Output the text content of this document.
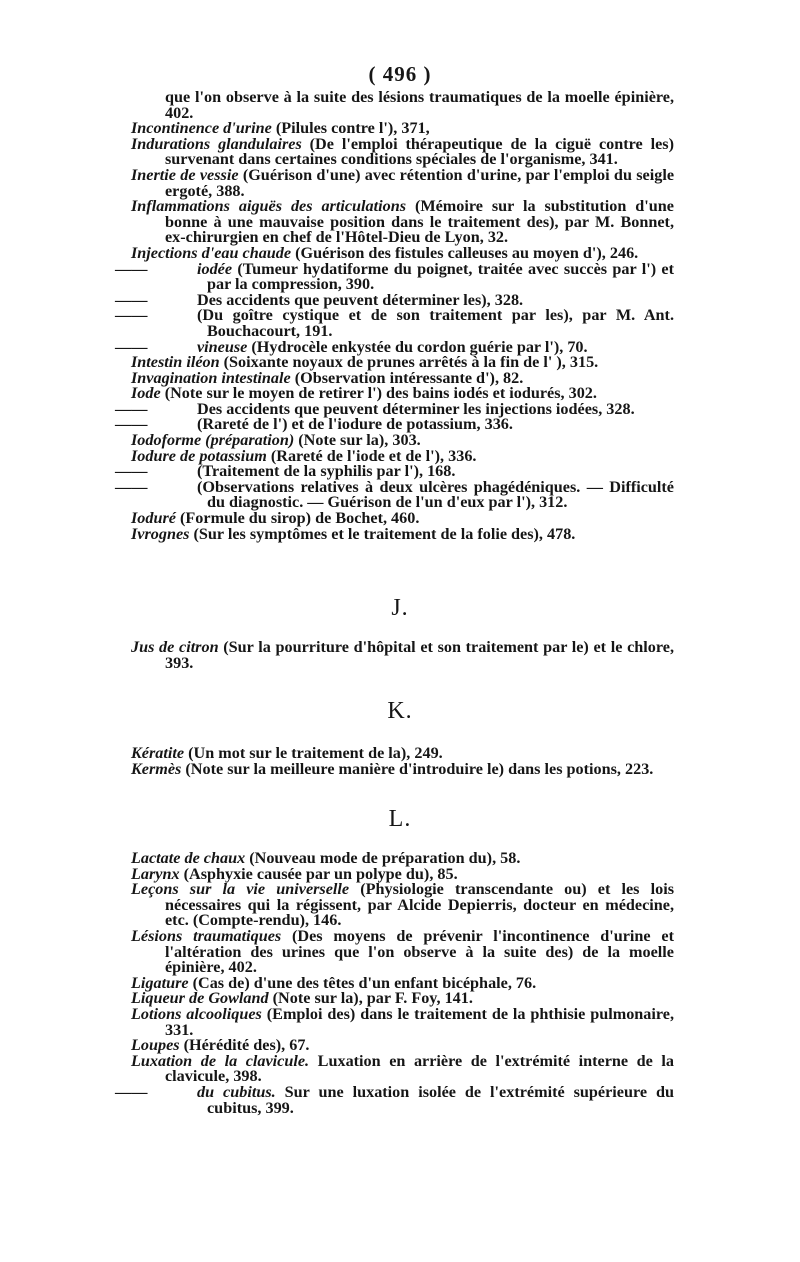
( 496 )
que l'on observe à la suite des lésions traumatiques de la moelle épinière, 402.
Incontinence d'urine (Pilules contre l'), 371,
Indurations glandulaires (De l'emploi thérapeutique de la ciguë contre les) survenant dans certaines conditions spéciales de l'organisme, 341.
Inertie de vessie (Guérison d'une) avec rétention d'urine, par l'emploi du seigle ergoté, 388.
Inflammations aiguës des articulations (Mémoire sur la substitution d'une bonne à une mauvaise position dans le traitement des), par M. Bonnet, ex-chirurgien en chef de l'Hôtel-Dieu de Lyon, 32.
Injections d'eau chaude (Guérison des fistules calleuses au moyen d'), 246.
——	iodée (Tumeur hydatiforme du poignet, traitée avec succès par l') et par la compression, 390.
——	Des accidents que peuvent déterminer les), 328.
——	(Du goître cystique et de son traitement par les), par M. Ant. Bouchacourt, 191.
——	vineuse (Hydrocèle enkystée du cordon guérie par l'), 70.
Intestin iléon (Soixante noyaux de prunes arrêtés à la fin de l' ), 315.
Invagination intestinale (Observation intéressante d'), 82.
Iode (Note sur le moyen de retirer l') des bains iodés et iodurés, 302.
——	Des accidents que peuvent déterminer les injections iodées, 328.
——	(Rareté de l') et de l'iodure de potassium, 336.
Iodoforme (préparation) (Note sur la), 303.
Iodure de potassium (Rareté de l'iode et de l'), 336.
——	(Traitement de la syphilis par l'), 168.
——	(Observations relatives à deux ulcères phagédéniques. — Difficulté du diagnostic. — Guérison de l'un d'eux par l'), 312.
Ioduré (Formule du sirop) de Bochet, 460.
Ivrognes (Sur les symptômes et le traitement de la folie des), 478.
J.
Jus de citron (Sur la pourriture d'hôpital et son traitement par le) et le chlore, 393.
K.
Kératite (Un mot sur le traitement de la), 249.
Kermès (Note sur la meilleure manière d'introduire le) dans les potions, 223.
L.
Lactate de chaux (Nouveau mode de préparation du), 58.
Larynx (Asphyxie causée par un polype du), 85.
Leçons sur la vie universelle (Physiologie transcendante ou) et les lois nécessaires qui la régissent, par Alcide Depierris, docteur en médecine, etc. (Compte-rendu), 146.
Lésions traumatiques (Des moyens de prévenir l'incontinence d'urine et l'altération des urines que l'on observe à la suite des) de la moelle épinière, 402.
Ligature (Cas de) d'une des têtes d'un enfant bicéphale, 76.
Liqueur de Gowland (Note sur la), par F. Foy, 141.
Lotions alcooliques (Emploi des) dans le traitement de la phthisie pulmonaire, 331.
Loupes (Hérédité des), 67.
Luxation de la clavicule. Luxation en arrière de l'extrémité interne de la clavicule, 398.
——	du cubitus. Sur une luxation isolée de l'extrémité supérieure du cubitus, 399.
